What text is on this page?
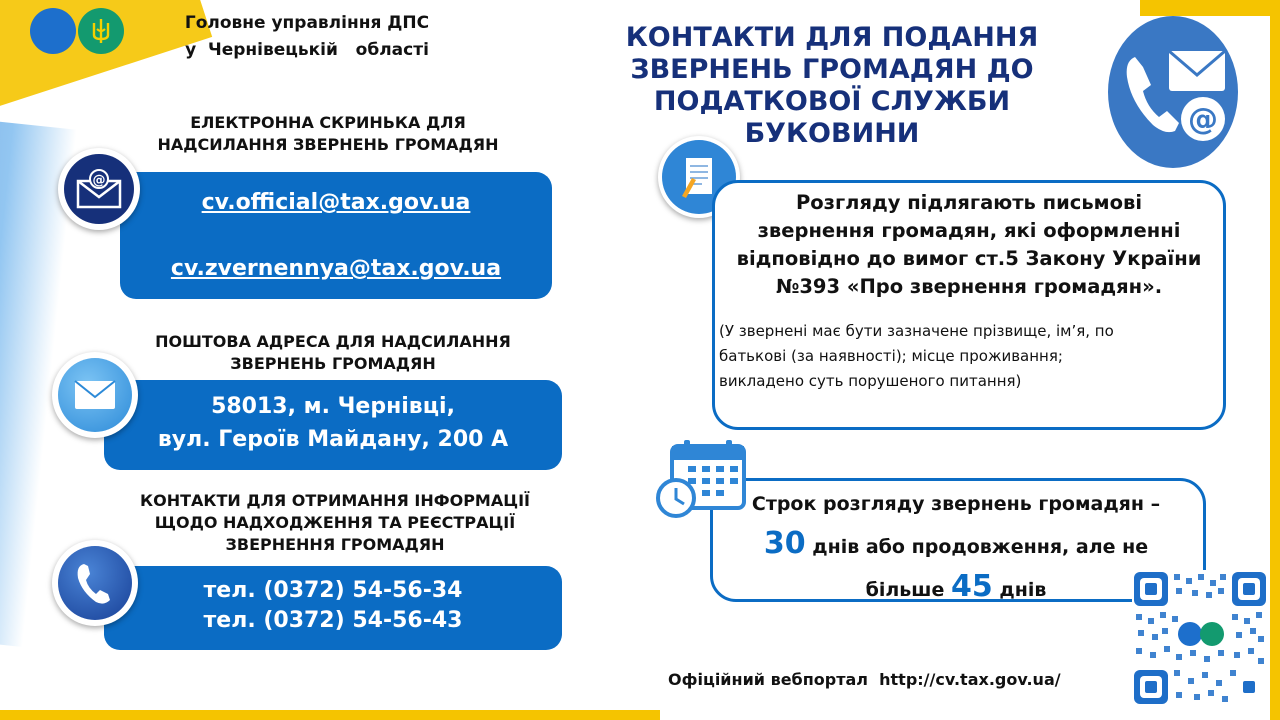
Головне управління ДПС
у  Чернівецькій   області	КОНТАКТИ ДЛЯ ПОДАННЯ
ЗВЕРНЕНЬ ГРОМАДЯН ДО
ПОДАТКОВОЇ СЛУЖБИ БУКОВИНИ	@
ЕЛЕКТРОННА СКРИНЬКА ДЛЯ
НАДСИЛАННЯ ЗВЕРНЕНЬ ГРОМАДЯН
cv.official@tax.gov.ua
cv.zvernennya@tax.gov.ua
@
ПОШТОВА АДРЕСА ДЛЯ НАДСИЛАННЯ
ЗВЕРНЕНЬ ГРОМАДЯН
58013, м. Чернівці,
вул. Героїв Майдану, 200 А
КОНТАКТИ ДЛЯ ОТРИМАННЯ ІНФОРМАЦІЇ
ЩОДО НАДХОДЖЕННЯ ТА РЕЄСТРАЦІЇ
ЗВЕРНЕННЯ ГРОМАДЯН
тел. (0372) 54-56-34
тел. (0372) 54-56-43
Розгляду підлягають письмові
звернення громадян, які оформленні
відповідно до вимог ст.5 Закону України
№393 «Про звернення громадян».
(У звернені має бути зазначене прізвище, ім’я, по
батькові (за наявності); місце проживання;
викладено суть порушеного питання)
Строк розгляду звернень громадян –
30 днів або продовження, але не
більше 45 днів
Офіційний вебпортал  http://cv.tax.gov.ua/
